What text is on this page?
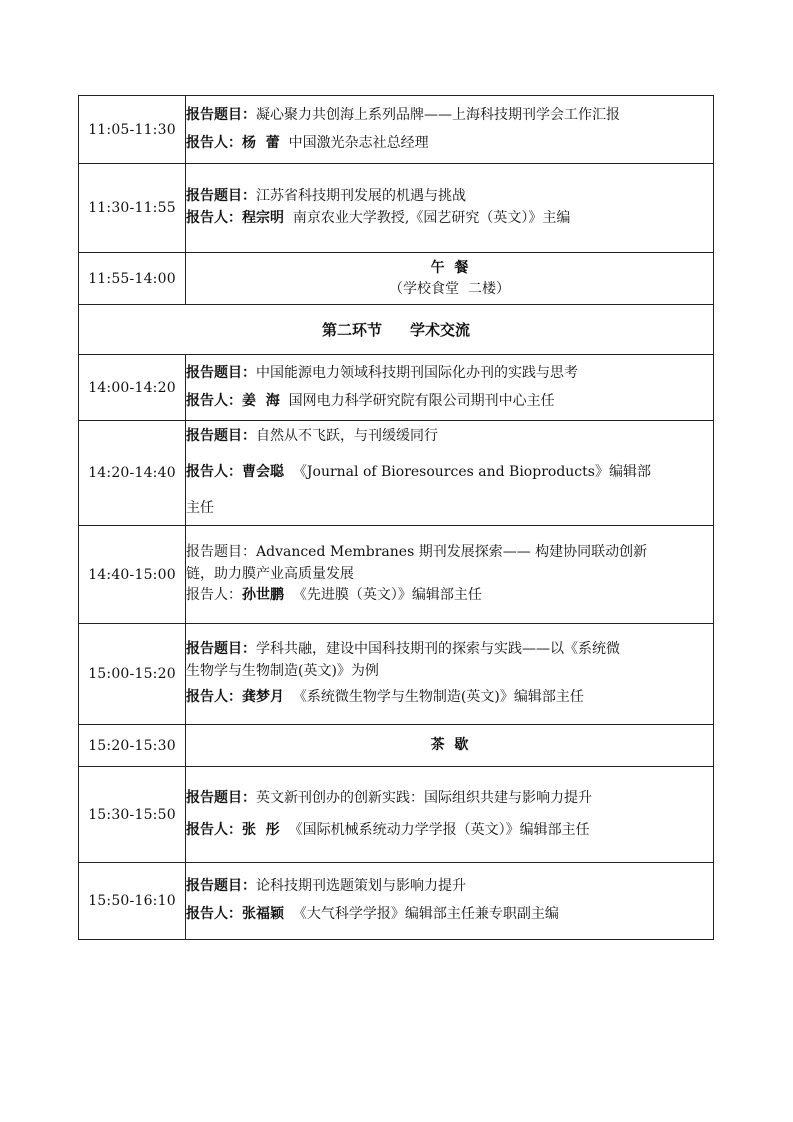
11:05-11:30	报告题目：凝心聚力共创海上系列品牌——上海科技期刊学会工作汇报
报告人：杨  蕾 中国激光杂志社总经理

11:30-11:55	报告题目：江苏省科技期刊发展的机遇与挑战
报告人：程宗明 南京农业大学教授,《园艺研究（英文）》主编

11:55-14:00	午  餐
（学校食堂  二楼）

第二环节 学术交流	
14:00-14:20	报告题目：中国能源电力领域科技期刊国际化办刊的实践与思考
报告人：姜  海 国网电力科学研究院有限公司期刊中心主任

14:20-14:40	报告题目：自然从不飞跃，与刊缓缓同行
报告人：曹会聪 《Journal of Bioresources and Bioproducts》编辑部
主任

14:40-15:00	报告题目：Advanced Membranes 期刊发展探索—— 构建协同联动创新
链，助力膜产业高质量发展
报告人：孙世鹏 《先进膜（英文）》编辑部主任

15:00-15:20	报告题目：学科共融，建设中国科技期刊的探索与实践——以《系统微
生物学与生物制造(英文)》为例
报告人：龚梦月 《系统微生物学与生物制造(英文)》编辑部主任

15:20-15:30	茶  歇

15:30-15:50	报告题目：英文新刊创办的创新实践：国际组织共建与影响力提升
报告人：张  彤 《国际机械系统动力学学报（英文）》编辑部主任

15:50-16:10	报告题目：论科技期刊选题策划与影响力提升
报告人：张福颖 《大气科学学报》编辑部主任兼专职副主编
